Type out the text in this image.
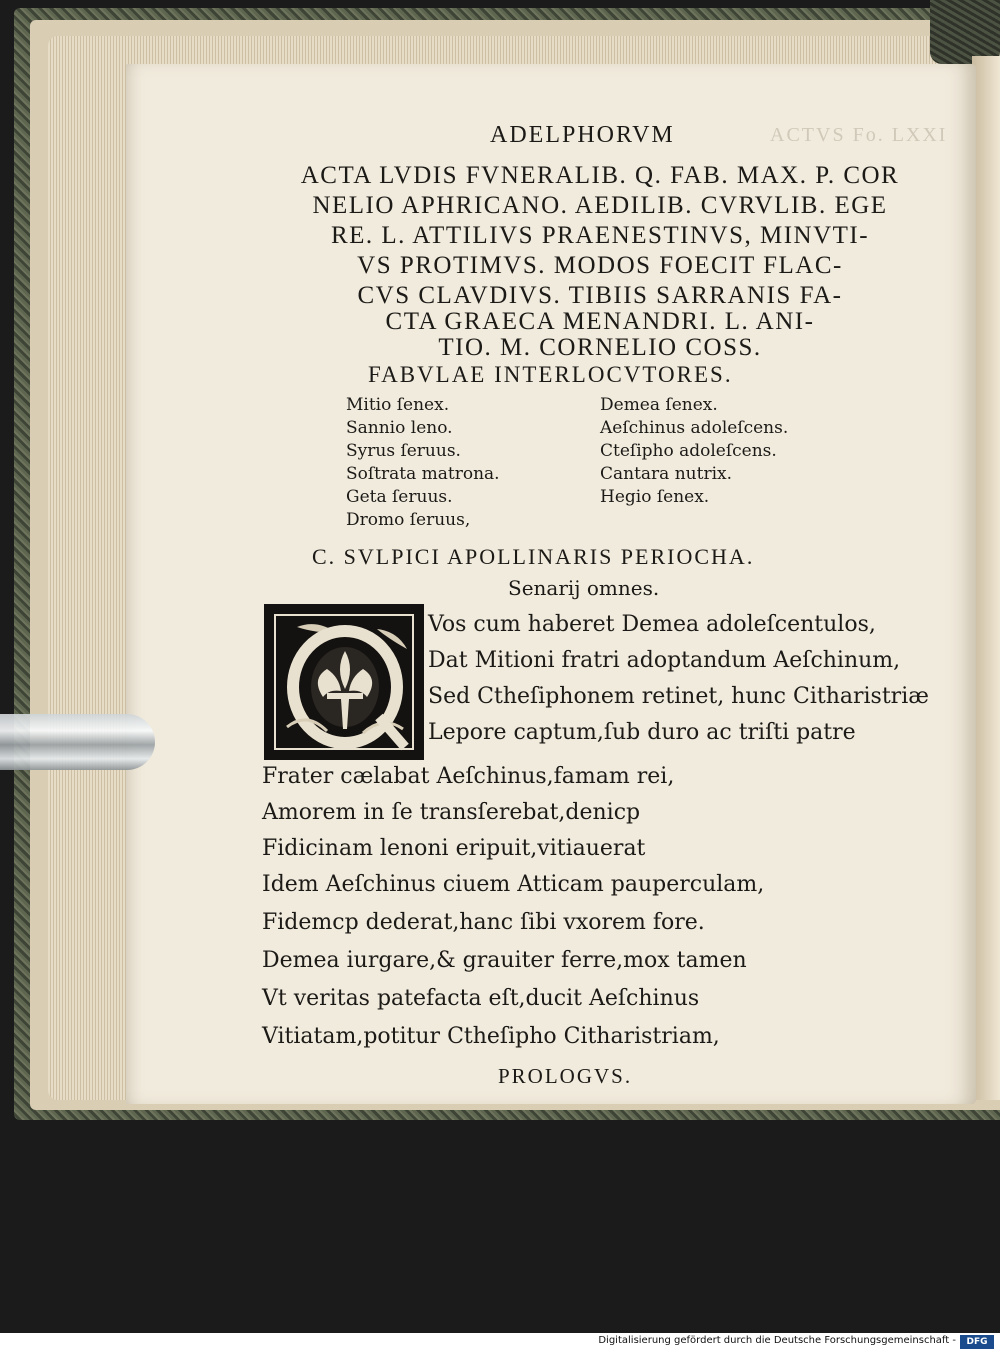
ADELPHORVM	ACTVS Fo. LXXI
ACTA LVDIS FVNERALIB. Q. FAB. MAX. P. COR
NELIO APHRICANO. AEDILIB. CVRVLIB. EGE
RE. L. ATTILIVS PRAENESTINVS, MINVTI-
VS PROTIMVS. MODOS FOECIT FLAC-
CVS CLAVDIVS. TIBIIS SARRANIS FA-
CTA GRAECA MENANDRI. L. ANI-
TIO. M. CORNELIO COSS.
FABVLAE INTERLOCVTORES.
Mitio ſenex.
Sannio leno.
Syrus ſeruus.
Soſtrata matrona.
Geta ſeruus.
Dromo ſeruus,
Demea ſenex.
Aeſchinus adoleſcens.
Cteſipho adoleſcens.
Cantara nutrix.
Hegio ſenex.
C. SVLPICI APOLLINARIS PERIOCHA.
Senarij omnes.
Vos cum haberet Demea adoleſcentulos,
Dat Mitioni fratri adoptandum Aeſchinum,
Sed Ctheſiphonem retinet, hunc Citharistriæ
Lepore captum,ſub duro ac triſti patre
Frater cælabat Aeſchinus,famam rei,
Amorem in ſe transſerebat,denicp
Fidicinam lenoni eripuit,vitiauerat
Idem Aeſchinus ciuem Atticam pauperculam,
Fidemcp dederat,hanc ſibi vxorem fore.
Demea iurgare,& grauiter ferre,mox tamen
Vt veritas patefacta eſt,ducit Aeſchinus
Vitiatam,potitur Ctheſipho Citharistriam,
PROLOGVS.
Digitalisierung gefördert durch die Deutsche Forschungsgemeinschaft -	DFG
